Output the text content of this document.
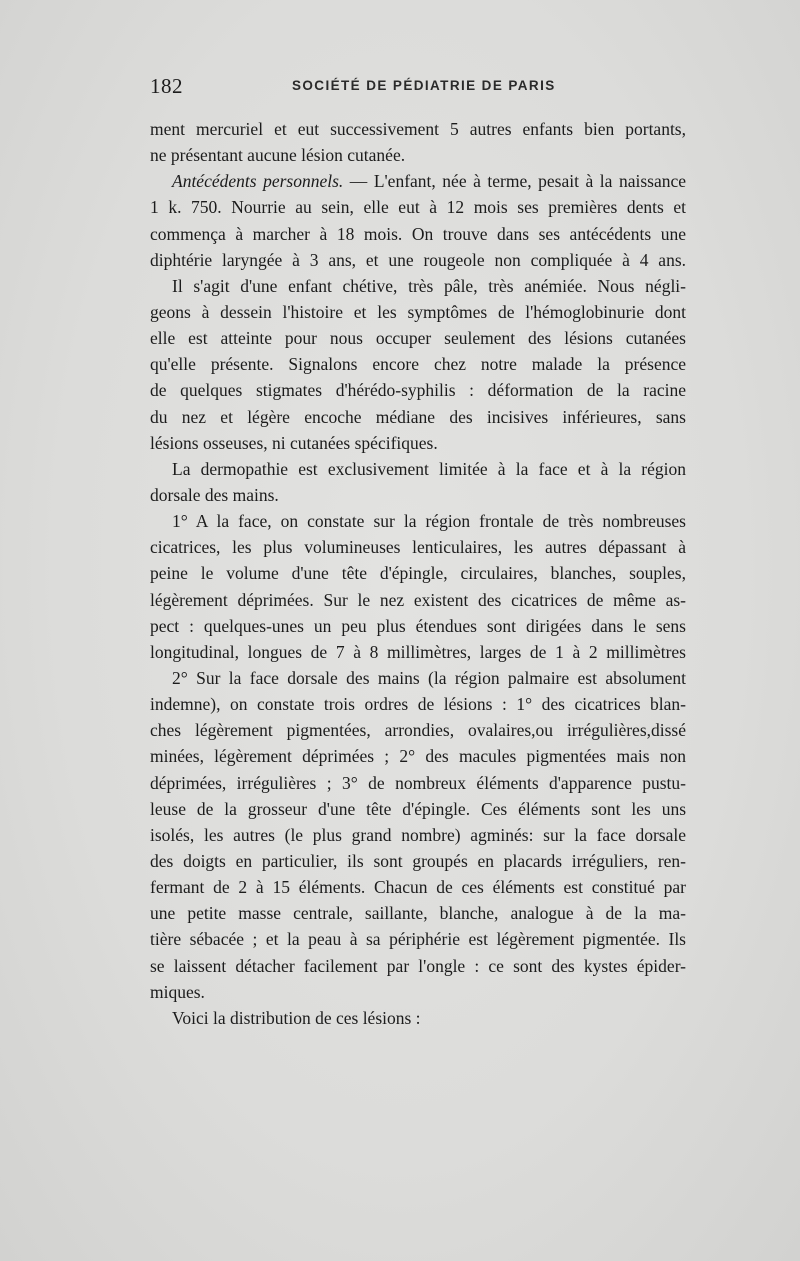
182	SOCIÉTÉ DE PÉDIATRIE DE PARIS
ment mercuriel et eut successivement 5 autres enfants bien portants,
ne présentant aucune lésion cutanée.
Antécédents personnels. — L'enfant, née à terme, pesait à la naissance
1 k. 750. Nourrie au sein, elle eut à 12 mois ses premières dents et
commença à marcher à 18 mois. On trouve dans ses antécédents une
diphtérie laryngée à 3 ans, et une rougeole non compliquée à 4 ans.
Il s'agit d'une enfant chétive, très pâle, très anémiée. Nous négli-
geons à dessein l'histoire et les symptômes de l'hémoglobinurie dont
elle est atteinte pour nous occuper seulement des lésions cutanées
qu'elle présente. Signalons encore chez notre malade la présence
de quelques stigmates d'hérédo-syphilis : déformation de la racine
du nez et légère encoche médiane des incisives inférieures, sans
lésions osseuses, ni cutanées spécifiques.
La dermopathie est exclusivement limitée à la face et à la région
dorsale des mains.
1° A la face, on constate sur la région frontale de très nombreuses
cicatrices, les plus volumineuses lenticulaires, les autres dépassant à
peine le volume d'une tête d'épingle, circulaires, blanches, souples,
légèrement déprimées. Sur le nez existent des cicatrices de même as-
pect : quelques-unes un peu plus étendues sont dirigées dans le sens
longitudinal, longues de 7 à 8 millimètres, larges de 1 à 2 millimètres
2° Sur la face dorsale des mains (la région palmaire est absolument
indemne), on constate trois ordres de lésions : 1° des cicatrices blan-
ches légèrement pigmentées, arrondies, ovalaires,ou irrégulières,dissé
minées, légèrement déprimées ; 2° des macules pigmentées mais non
déprimées, irrégulières ; 3° de nombreux éléments d'apparence pustu-
leuse de la grosseur d'une tête d'épingle. Ces éléments sont les uns
isolés, les autres (le plus grand nombre) agminés: sur la face dorsale
des doigts en particulier, ils sont groupés en placards irréguliers, ren-
fermant de 2 à 15 éléments. Chacun de ces éléments est constitué par
une petite masse centrale, saillante, blanche, analogue à de la ma-
tière sébacée ; et la peau à sa périphérie est légèrement pigmentée. Ils
se laissent détacher facilement par l'ongle : ce sont des kystes épider-
miques.
Voici la distribution de ces lésions :
